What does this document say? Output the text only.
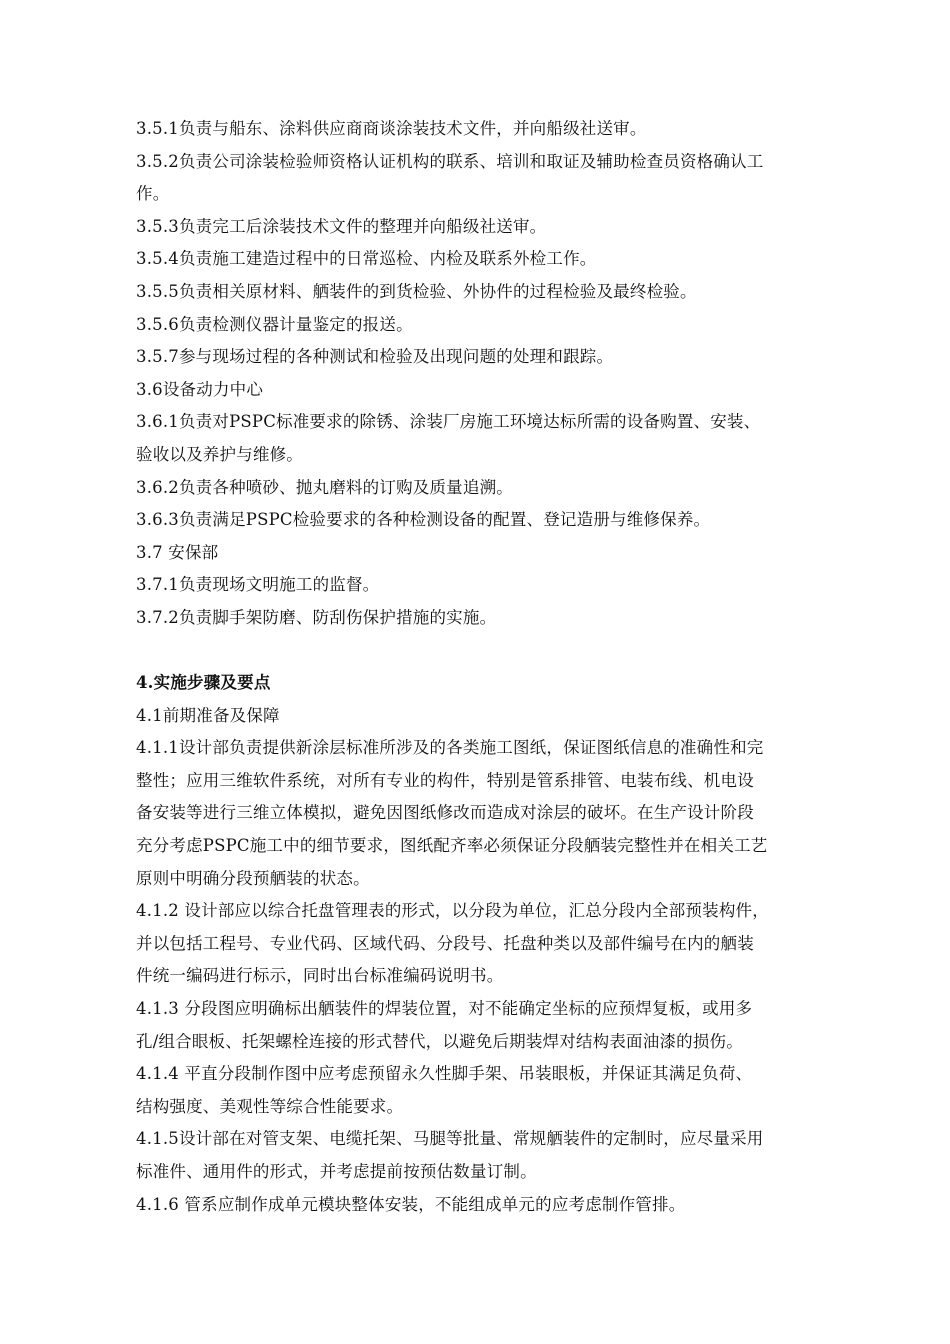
3.5.1负责与船东、涂料供应商商谈涂装技术文件，并向船级社送审。
3.5.2负责公司涂装检验师资格认证机构的联系、培训和取证及辅助检查员资格确认工
作。
3.5.3负责完工后涂装技术文件的整理并向船级社送审。
3.5.4负责施工建造过程中的日常巡检、内检及联系外检工作。
3.5.5负责相关原材料、舾装件的到货检验、外协件的过程检验及最终检验。
3.5.6负责检测仪器计量鉴定的报送。
3.5.7参与现场过程的各种测试和检验及出现问题的处理和跟踪。
3.6设备动力中心
3.6.1负责对PSPC标准要求的除锈、涂装厂房施工环境达标所需的设备购置、安装、
验收以及养护与维修。
3.6.2负责各种喷砂、抛丸磨料的订购及质量追溯。
3.6.3负责满足PSPC检验要求的各种检测设备的配置、登记造册与维修保养。
3.7 安保部
3.7.1负责现场文明施工的监督。
3.7.2负责脚手架防磨、防刮伤保护措施的实施。
4.实施步骤及要点
4.1前期准备及保障
4.1.1设计部负责提供新涂层标准所涉及的各类施工图纸，保证图纸信息的准确性和完
整性；应用三维软件系统，对所有专业的构件，特别是管系排管、电装布线、机电设
备安装等进行三维立体模拟，避免因图纸修改而造成对涂层的破坏。在生产设计阶段
充分考虑PSPC施工中的细节要求，图纸配齐率必须保证分段舾装完整性并在相关工艺
原则中明确分段预舾装的状态。
4.1.2 设计部应以综合托盘管理表的形式，以分段为单位，汇总分段内全部预装构件，
并以包括工程号、专业代码、区域代码、分段号、托盘种类以及部件编号在内的舾装
件统一编码进行标示，同时出台标准编码说明书。
4.1.3 分段图应明确标出舾装件的焊装位置，对不能确定坐标的应预焊复板，或用多
孔/组合眼板、托架螺栓连接的形式替代，以避免后期装焊对结构表面油漆的损伤。
4.1.4 平直分段制作图中应考虑预留永久性脚手架、吊装眼板，并保证其满足负荷、
结构强度、美观性等综合性能要求。
4.1.5设计部在对管支架、电缆托架、马腿等批量、常规舾装件的定制时，应尽量采用
标准件、通用件的形式，并考虑提前按预估数量订制。
4.1.6 管系应制作成单元模块整体安装，不能组成单元的应考虑制作管排。
